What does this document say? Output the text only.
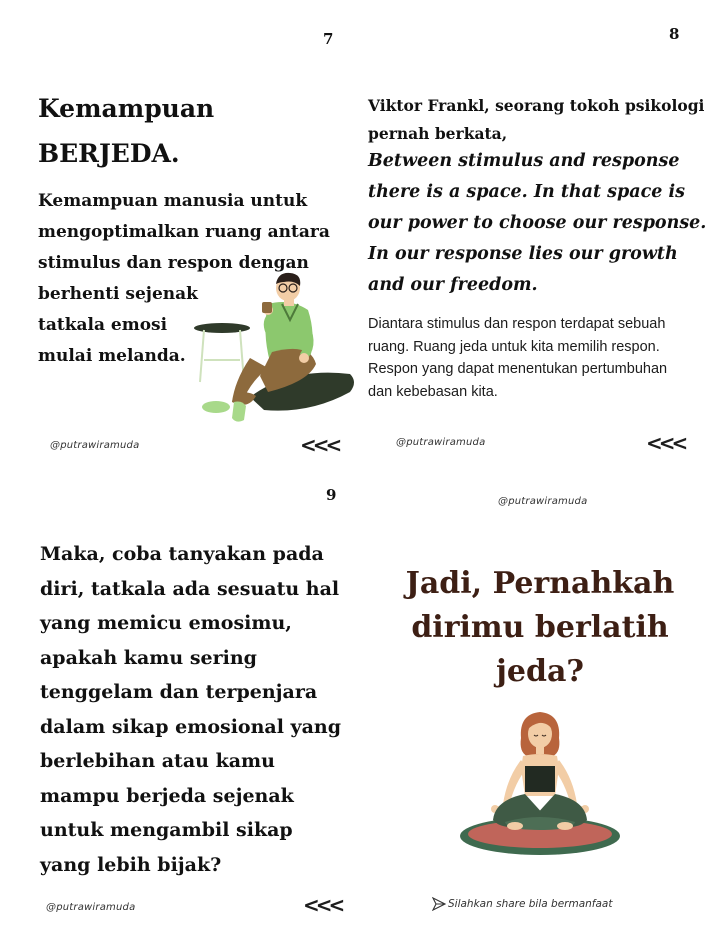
7
Kemampuan
BERJEDA.
Kemampuan manusia untuk
mengoptimalkan ruang antara
stimulus dan respon dengan
berhenti sejenak
tatkala emosi
mulai melanda.
@putrawiramuda	<<<
8
Viktor Frankl, seorang tokoh psikologi
pernah berkata,
Between stimulus and response
there is a space. In that space is
our power to choose our response.
In our response lies our growth
and our freedom.
Diantara stimulus dan respon terdapat sebuah
ruang. Ruang jeda untuk kita memilih respon.
Respon yang dapat menentukan pertumbuhan
dan kebebasan kita.
@putrawiramuda	<<<
9
Maka, coba tanyakan pada
diri, tatkala ada sesuatu hal
yang memicu emosimu,
apakah kamu sering
tenggelam dan terpenjara
dalam sikap emosional yang
berlebihan atau kamu
mampu berjeda sejenak
untuk mengambil sikap
yang lebih bijak?
@putrawiramuda	<<<
@putrawiramuda
Jadi, Pernahkah
dirimu berlatih
jeda?
Silahkan share bila bermanfaat
